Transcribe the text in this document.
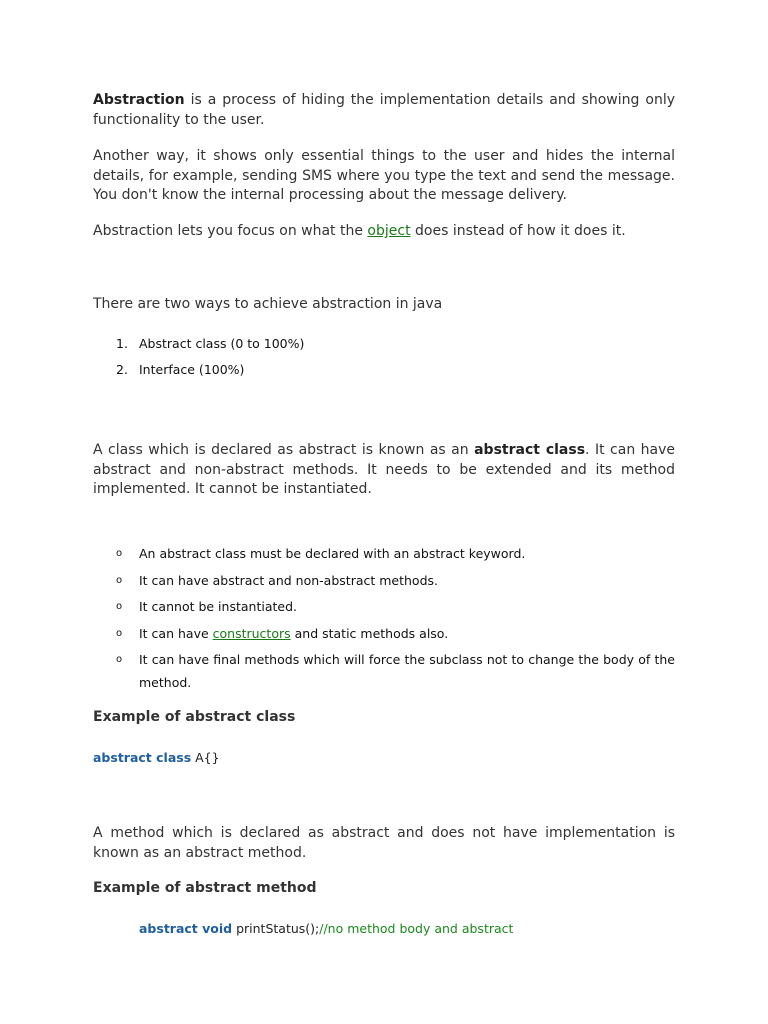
Abstraction is a process of hiding the implementation details and showing only functionality to the user.

Another way, it shows only essential things to the user and hides the internal details, for example, sending SMS where you type the text and send the message. You don't know the internal processing about the message delivery.

Abstraction lets you focus on what the object does instead of how it does it.

There are two ways to achieve abstraction in java

1. Abstract class (0 to 100%)
2. Interface (100%)

A class which is declared as abstract is known as an abstract class. It can have abstract and non-abstract methods. It needs to be extended and its method implemented. It cannot be instantiated.

o An abstract class must be declared with an abstract keyword.
o It can have abstract and non-abstract methods.
o It cannot be instantiated.
o It can have constructors and static methods also.
o It can have final methods which will force the subclass not to change the body of the method.
Example of abstract class
abstract class A{}

A method which is declared as abstract and does not have implementation is known as an abstract method.

Example of abstract method
abstract void printStatus();//no method body and abstract
